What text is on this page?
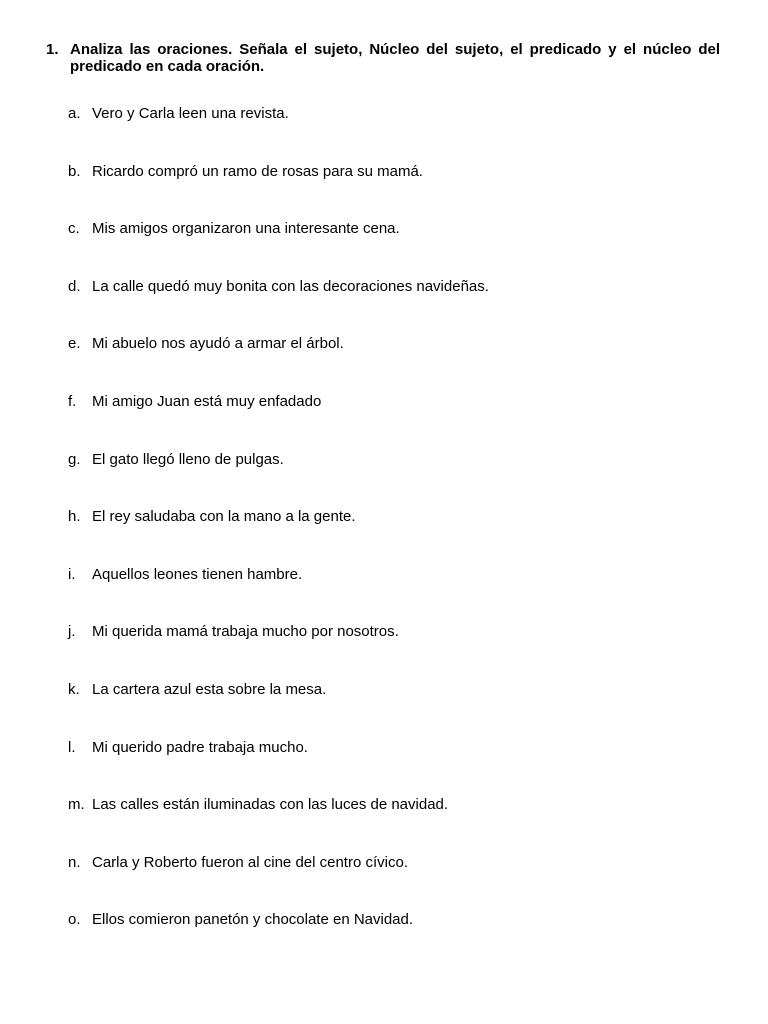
1. Analiza las oraciones. Señala el sujeto, Núcleo del sujeto, el predicado y el núcleo del predicado en cada oración.
a. Vero y Carla leen una revista.
b. Ricardo compró un ramo de rosas para su mamá.
c. Mis amigos organizaron una interesante cena.
d. La calle quedó muy bonita con las decoraciones navideñas.
e. Mi abuelo nos ayudó a armar el árbol.
f.	Mi amigo Juan está muy enfadado
g. El gato llegó lleno de pulgas.
h. El rey saludaba con la mano a la gente.
i.	Aquellos leones tienen hambre.
j.	Mi querida mamá trabaja mucho por nosotros.
k. La cartera azul esta sobre la mesa.
l.	Mi querido padre trabaja mucho.
m. Las calles están iluminadas con las luces de navidad.
n. Carla y Roberto fueron al cine del centro cívico.
o. Ellos comieron panetón y chocolate en Navidad.
